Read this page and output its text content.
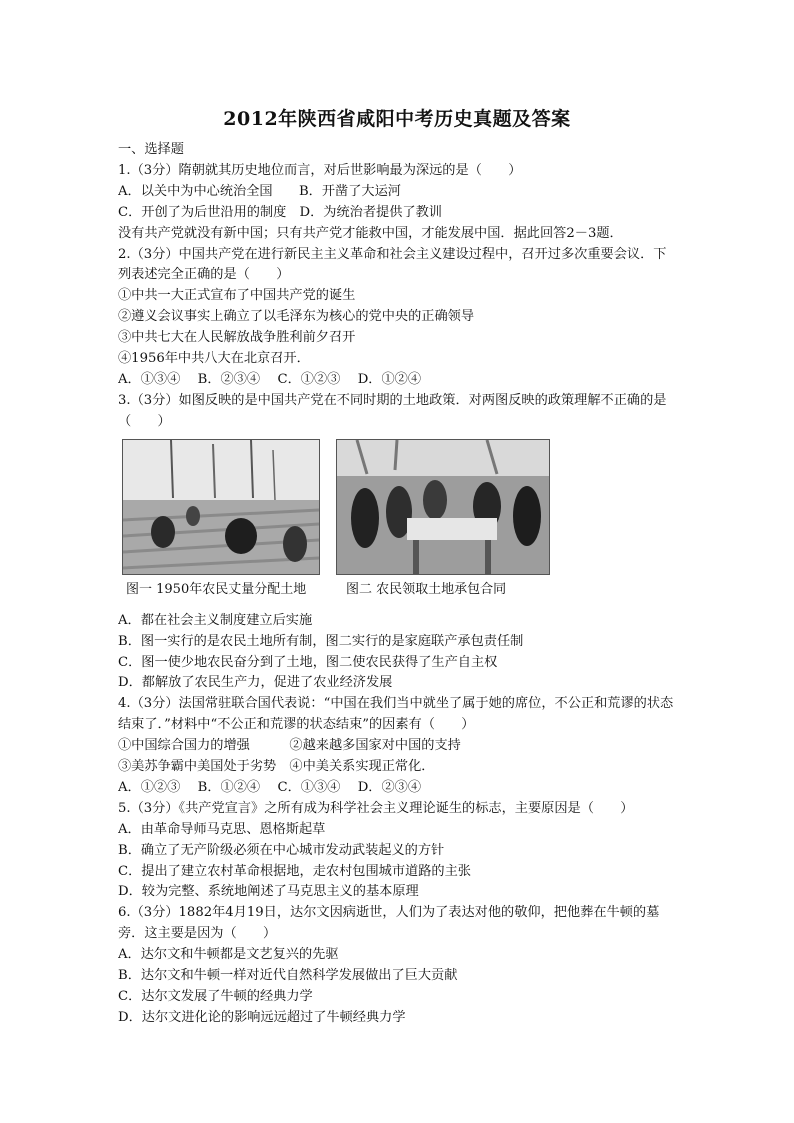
2012年陕西省咸阳中考历史真题及答案
一、选择题
1.（3分）隋朝就其历史地位而言，对后世影响最为深远的是（　　）
A．以关中为中心统治全国　　B．开凿了大运河
C．开创了为后世沿用的制度　D．为统治者提供了教训
没有共产党就没有新中国；只有共产党才能救中国，才能发展中国．据此回答2－3题．
2.（3分）中国共产党在进行新民主主义革命和社会主义建设过程中，召开过多次重要会议．下列表述完全正确的是（　　）
①中共一大正式宣布了中国共产党的诞生
②遵义会议事实上确立了以毛泽东为核心的党中央的正确领导
③中共七大在人民解放战争胜利前夕召开
④1956年中共八大在北京召开．
A．①③④　 B．②③④　 C．①②③　 D．①②④
3.（3分）如图反映的是中国共产党在不同时期的土地政策．对两图反映的政策理解不正确的是（　　）
图一 1950年农民丈量分配土地	图二 农民领取土地承包合同
A．都在社会主义制度建立后实施
B．图一实行的是农民土地所有制，图二实行的是家庭联产承包责任制
C．图一使少地农民奋分到了土地，图二使农民获得了生产自主权
D．都解放了农民生产力，促进了农业经济发展
4.（3分）法国常驻联合国代表说：“中国在我们当中就坐了属于她的席位，不公正和荒谬的状态结束了．”材料中“不公正和荒谬的状态结束”的因素有（　　）
①中国综合国力的增强　　　②越来越多国家对中国的支持
③美苏争霸中美国处于劣势　④中美关系实现正常化．
A．①②③　 B．①②④　 C．①③④　 D．②③④
5.（3分）《共产党宣言》之所有成为科学社会主义理论诞生的标志，主要原因是（　　）
A．由革命导师马克思、恩格斯起草
B．确立了无产阶级必须在中心城市发动武装起义的方针
C．提出了建立农村革命根据地，走农村包围城市道路的主张
D．较为完整、系统地阐述了马克思主义的基本原理
6.（3分）1882年4月19日，达尔文因病逝世，人们为了表达对他的敬仰，把他葬在牛顿的墓旁．这主要是因为（　　）
A．达尔文和牛顿都是文艺复兴的先驱
B．达尔文和牛顿一样对近代自然科学发展做出了巨大贡献
C．达尔文发展了牛顿的经典力学
D．达尔文进化论的影响远远超过了牛顿经典力学
